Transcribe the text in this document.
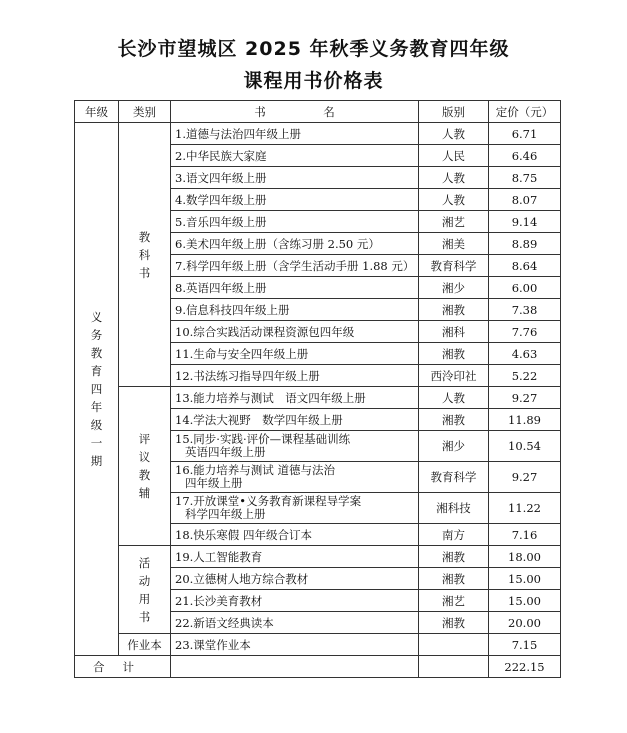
长沙市望城区 2025 年秋季义务教育四年级
课程用书价格表
年级	类别	书　　　　　名	版别	定价（元）

义务教育四年级一期	教科书	1.道德与法治四年级上册	人教	6.71
		2.中华民族大家庭	人民	6.46
		3.语文四年级上册	人教	8.75
		4.数学四年级上册	人教	8.07
		5.音乐四年级上册	湘艺	9.14
		6.美术四年级上册（含练习册 2.50 元）	湘美	8.89
		7.科学四年级上册（含学生活动手册 1.88 元）	教育科学	8.64
		8.英语四年级上册	湘少	6.00
		9.信息科技四年级上册	湘教	7.38
		10.综合实践活动课程资源包四年级	湘科	7.76
		11.生命与安全四年级上册	湘教	4.63
		12.书法练习指导四年级上册	西泠印社	5.22

	评议教辅	13.能力培养与测试　语文四年级上册	人教	9.27
		14.学法大视野　数学四年级上册	湘教	11.89

		15.同步·实践·评价—课程基础训练
英语四年级上册	湘少	10.54

		16.能力培养与测试 道德与法治
四年级上册	教育科学	9.27

		17.开放课堂•义务教育新课程导学案
科学四年级上册	湘科技	11.22
		18.快乐寒假 四年级合订本	南方	7.16

	活动用书	19.人工智能教育	湘教	18.00
		20.立德树人地方综合教材	湘教	15.00
		21.长沙美育教材	湘艺	15.00
		22.新语文经典读本	湘教	20.00

	作业本	23.课堂作业本		7.15
合计				222.15
